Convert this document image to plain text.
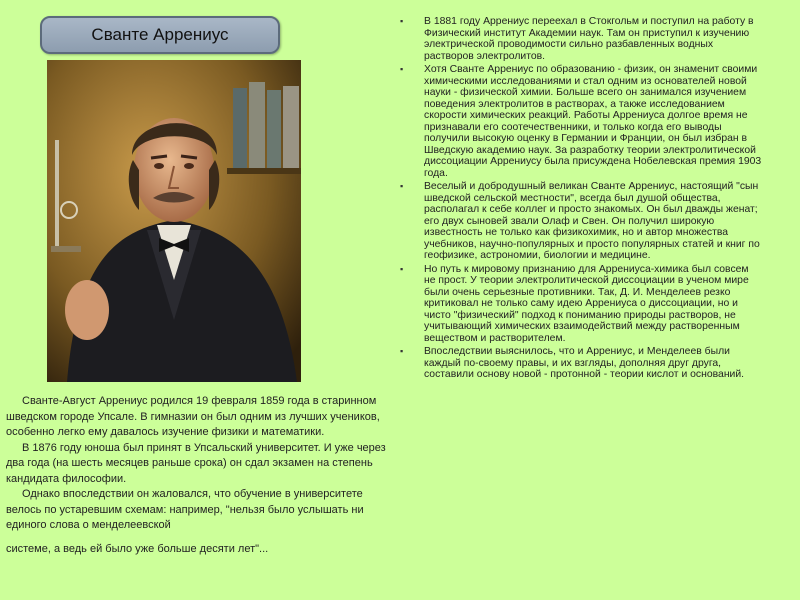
Сванте Аррениус

Сванте-Август Аррениус родился 19 февраля 1859 года в старинном шведском городе Упсале. В гимназии он был одним из лучших учеников, особенно легко ему давалось изучение физики и математики.

В 1876 году юноша был принят в Упсальский университет. И уже через два года (на шесть месяцев раньше срока) он сдал экзамен на степень кандидата философии.

Однако впоследствии он жаловался, что обучение в университете велось по устаревшим схемам: например, "нельзя было услышать ни единого слова о менделеевской

системе, а ведь ей было уже больше десяти лет"...

▪ В 1881 году Аррениус переехал в Стокгольм и поступил на работу в Физический институт Академии наук. Там он приступил к изучению электрической проводимости сильно разбавленных водных растворов электролитов.
▪ Хотя Сванте Аррениус по образованию - физик, он знаменит своими химическими исследованиями и стал одним из основателей новой науки - физической химии. Больше всего он занимался изучением поведения электролитов в растворах, а также исследованием скорости химических реакций. Работы Аррениуса долгое время не признавали его соотечественники, и только когда его выводы получили высокую оценку в Германии и Франции, он был избран в Шведскую академию наук. За разработку теории электролитической диссоциации Аррениусу была присуждена Нобелевская премия 1903 года.
▪ Веселый и добродушный великан Сванте Аррениус, настоящий "сын шведской сельской местности", всегда был душой общества, располагал к себе коллег и просто знакомых. Он был дважды женат; его двух сыновей звали Олаф и Свен. Он получил широкую известность не только как физикохимик, но и автор множества учебников, научно-популярных и просто популярных статей и книг по геофизике, астрономии, биологии и медицине.
▪ Но путь к мировому признанию для Аррениуса-химика был совсем не прост. У теории электролитической диссоциации в ученом мире были очень серьезные противники. Так, Д. И. Менделеев резко критиковал не только саму идею Аррениуса о диссоциации, но и чисто "физический" подход к пониманию природы растворов, не учитывающий химических взаимодействий между растворенным веществом и растворителем.
▪ Впоследствии выяснилось, что и Аррениус, и Менделеев были каждый по-своему правы, и их взгляды, дополняя друг друга, составили основу новой - протонной - теории кислот и оснований.
